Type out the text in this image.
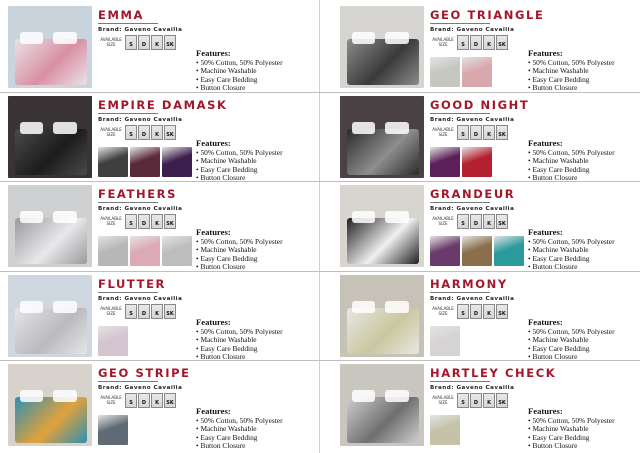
EMMA
Brand: Gaveno Cavailia
AVAILABLE SIZE	S	D	K	SK
Features:
• 50% Cotton, 50% Polyester
• Machine Washable
• Easy Care Bedding
• Button Closure
GEO TRIANGLE
Brand: Gaveno Cavailia
AVAILABLE SIZE	S	D	K	SK
Features:
• 50% Cotton, 50% Polyester
• Machine Washable
• Easy Care Bedding
• Button Closure
EMPIRE DAMASK
Brand: Gaveno Cavailia
AVAILABLE SIZE	S	D	K	SK
Features:
• 50% Cotton, 50% Polyester
• Machine Washable
• Easy Care Bedding
• Button Closure
GOOD NIGHT
Brand: Gaveno Cavailia
AVAILABLE SIZE	S	D	K	SK
Features:
• 50% Cotton, 50% Polyester
• Machine Washable
• Easy Care Bedding
• Button Closure
FEATHERS
Brand: Gaveno Cavailia
AVAILABLE SIZE	S	D	K	SK
Features:
• 50% Cotton, 50% Polyester
• Machine Washable
• Easy Care Bedding
• Button Closure
GRANDEUR
Brand: Gaveno Cavailia
AVAILABLE SIZE	S	D	K	SK
Features:
• 50% Cotton, 50% Polyester
• Machine Washable
• Easy Care Bedding
• Button Closure
FLUTTER
Brand: Gaveno Cavailia
AVAILABLE SIZE	S	D	K	SK
Features:
• 50% Cotton, 50% Polyester
• Machine Washable
• Easy Care Bedding
• Button Closure
HARMONY
Brand: Gaveno Cavailia
AVAILABLE SIZE	S	D	K	SK
Features:
• 50% Cotton, 50% Polyester
• Machine Washable
• Easy Care Bedding
• Button Closure
GEO STRIPE
Brand: Gaveno Cavailia
AVAILABLE SIZE	S	D	K	SK
Features:
• 50% Cotton, 50% Polyester
• Machine Washable
• Easy Care Bedding
• Button Closure
HARTLEY CHECK
Brand: Gaveno Cavailia
AVAILABLE SIZE	S	D	K	SK
Features:
• 50% Cotton, 50% Polyester
• Machine Washable
• Easy Care Bedding
• Button Closure
